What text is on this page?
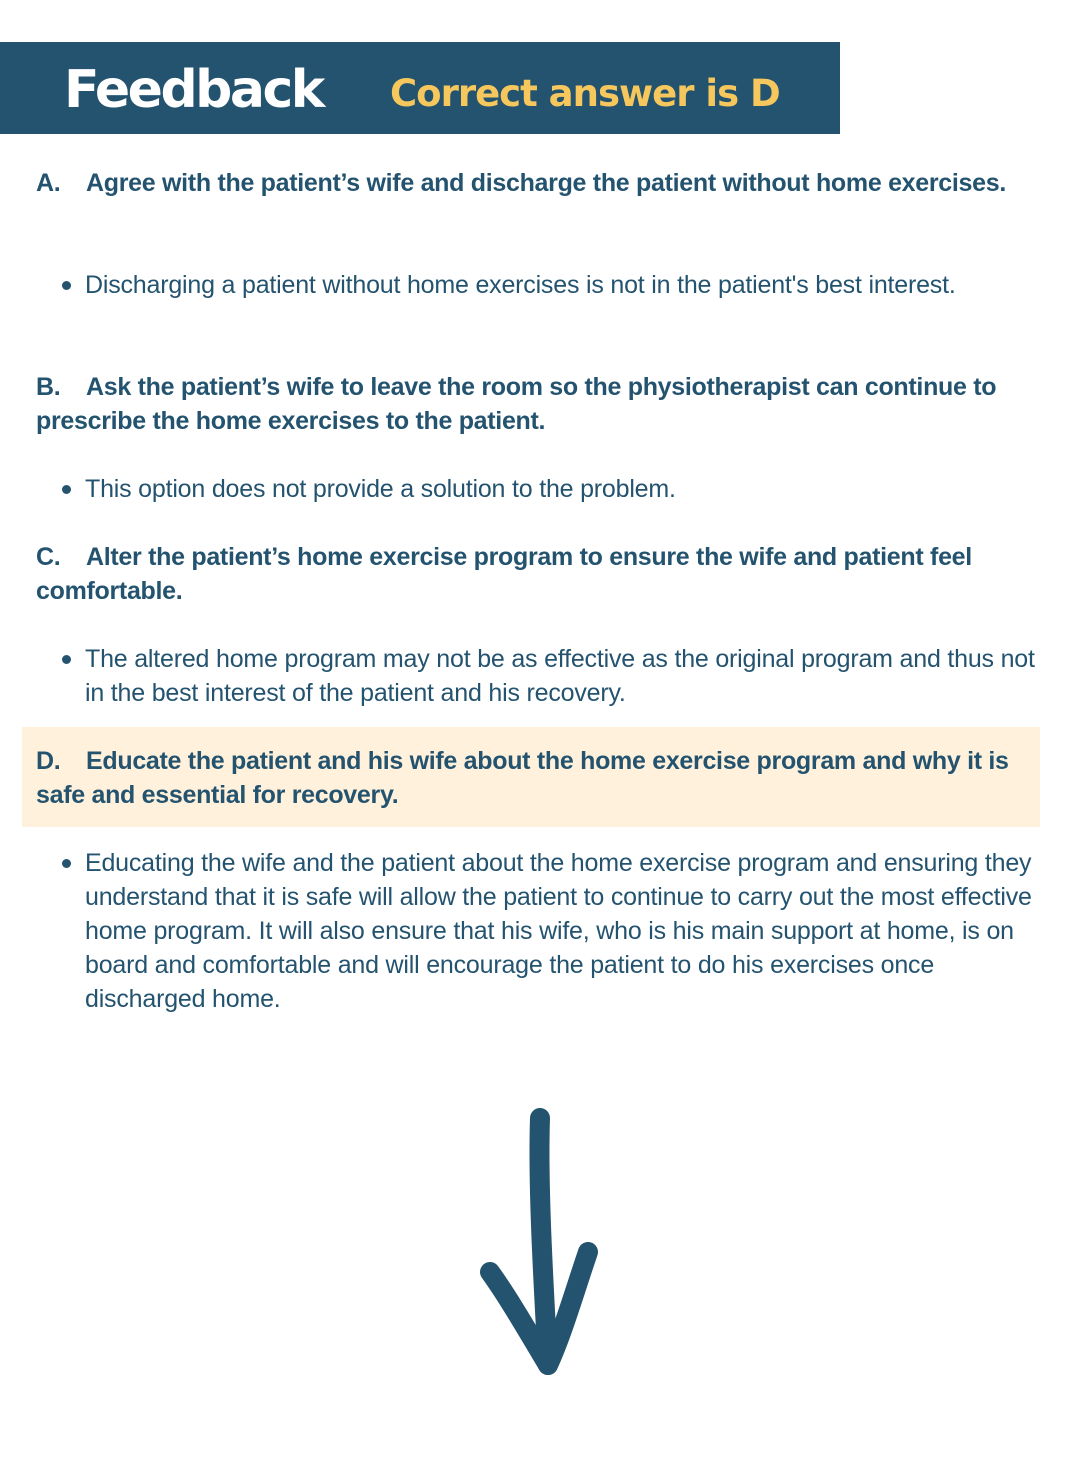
Feedback Correct answer is D
A. Agree with the patient’s wife and discharge the patient without home exercises.
Discharging a patient without home exercises is not in the patient's best interest.
B. Ask the patient’s wife to leave the room so the physiotherapist can continue to prescribe the home exercises to the patient.
This option does not provide a solution to the problem.
C. Alter the patient’s home exercise program to ensure the wife and patient feel comfortable.
The altered home program may not be as effective as the original program and thus not in the best interest of the patient and his recovery.
D. Educate the patient and his wife about the home exercise program and why it is safe and essential for recovery.
Educating the wife and the patient about the home exercise program and ensuring they understand that it is safe will allow the patient to continue to carry out the most effective home program. It will also ensure that his wife, who is his main support at home, is on board and comfortable and will encourage the patient to do his exercises once discharged home.
